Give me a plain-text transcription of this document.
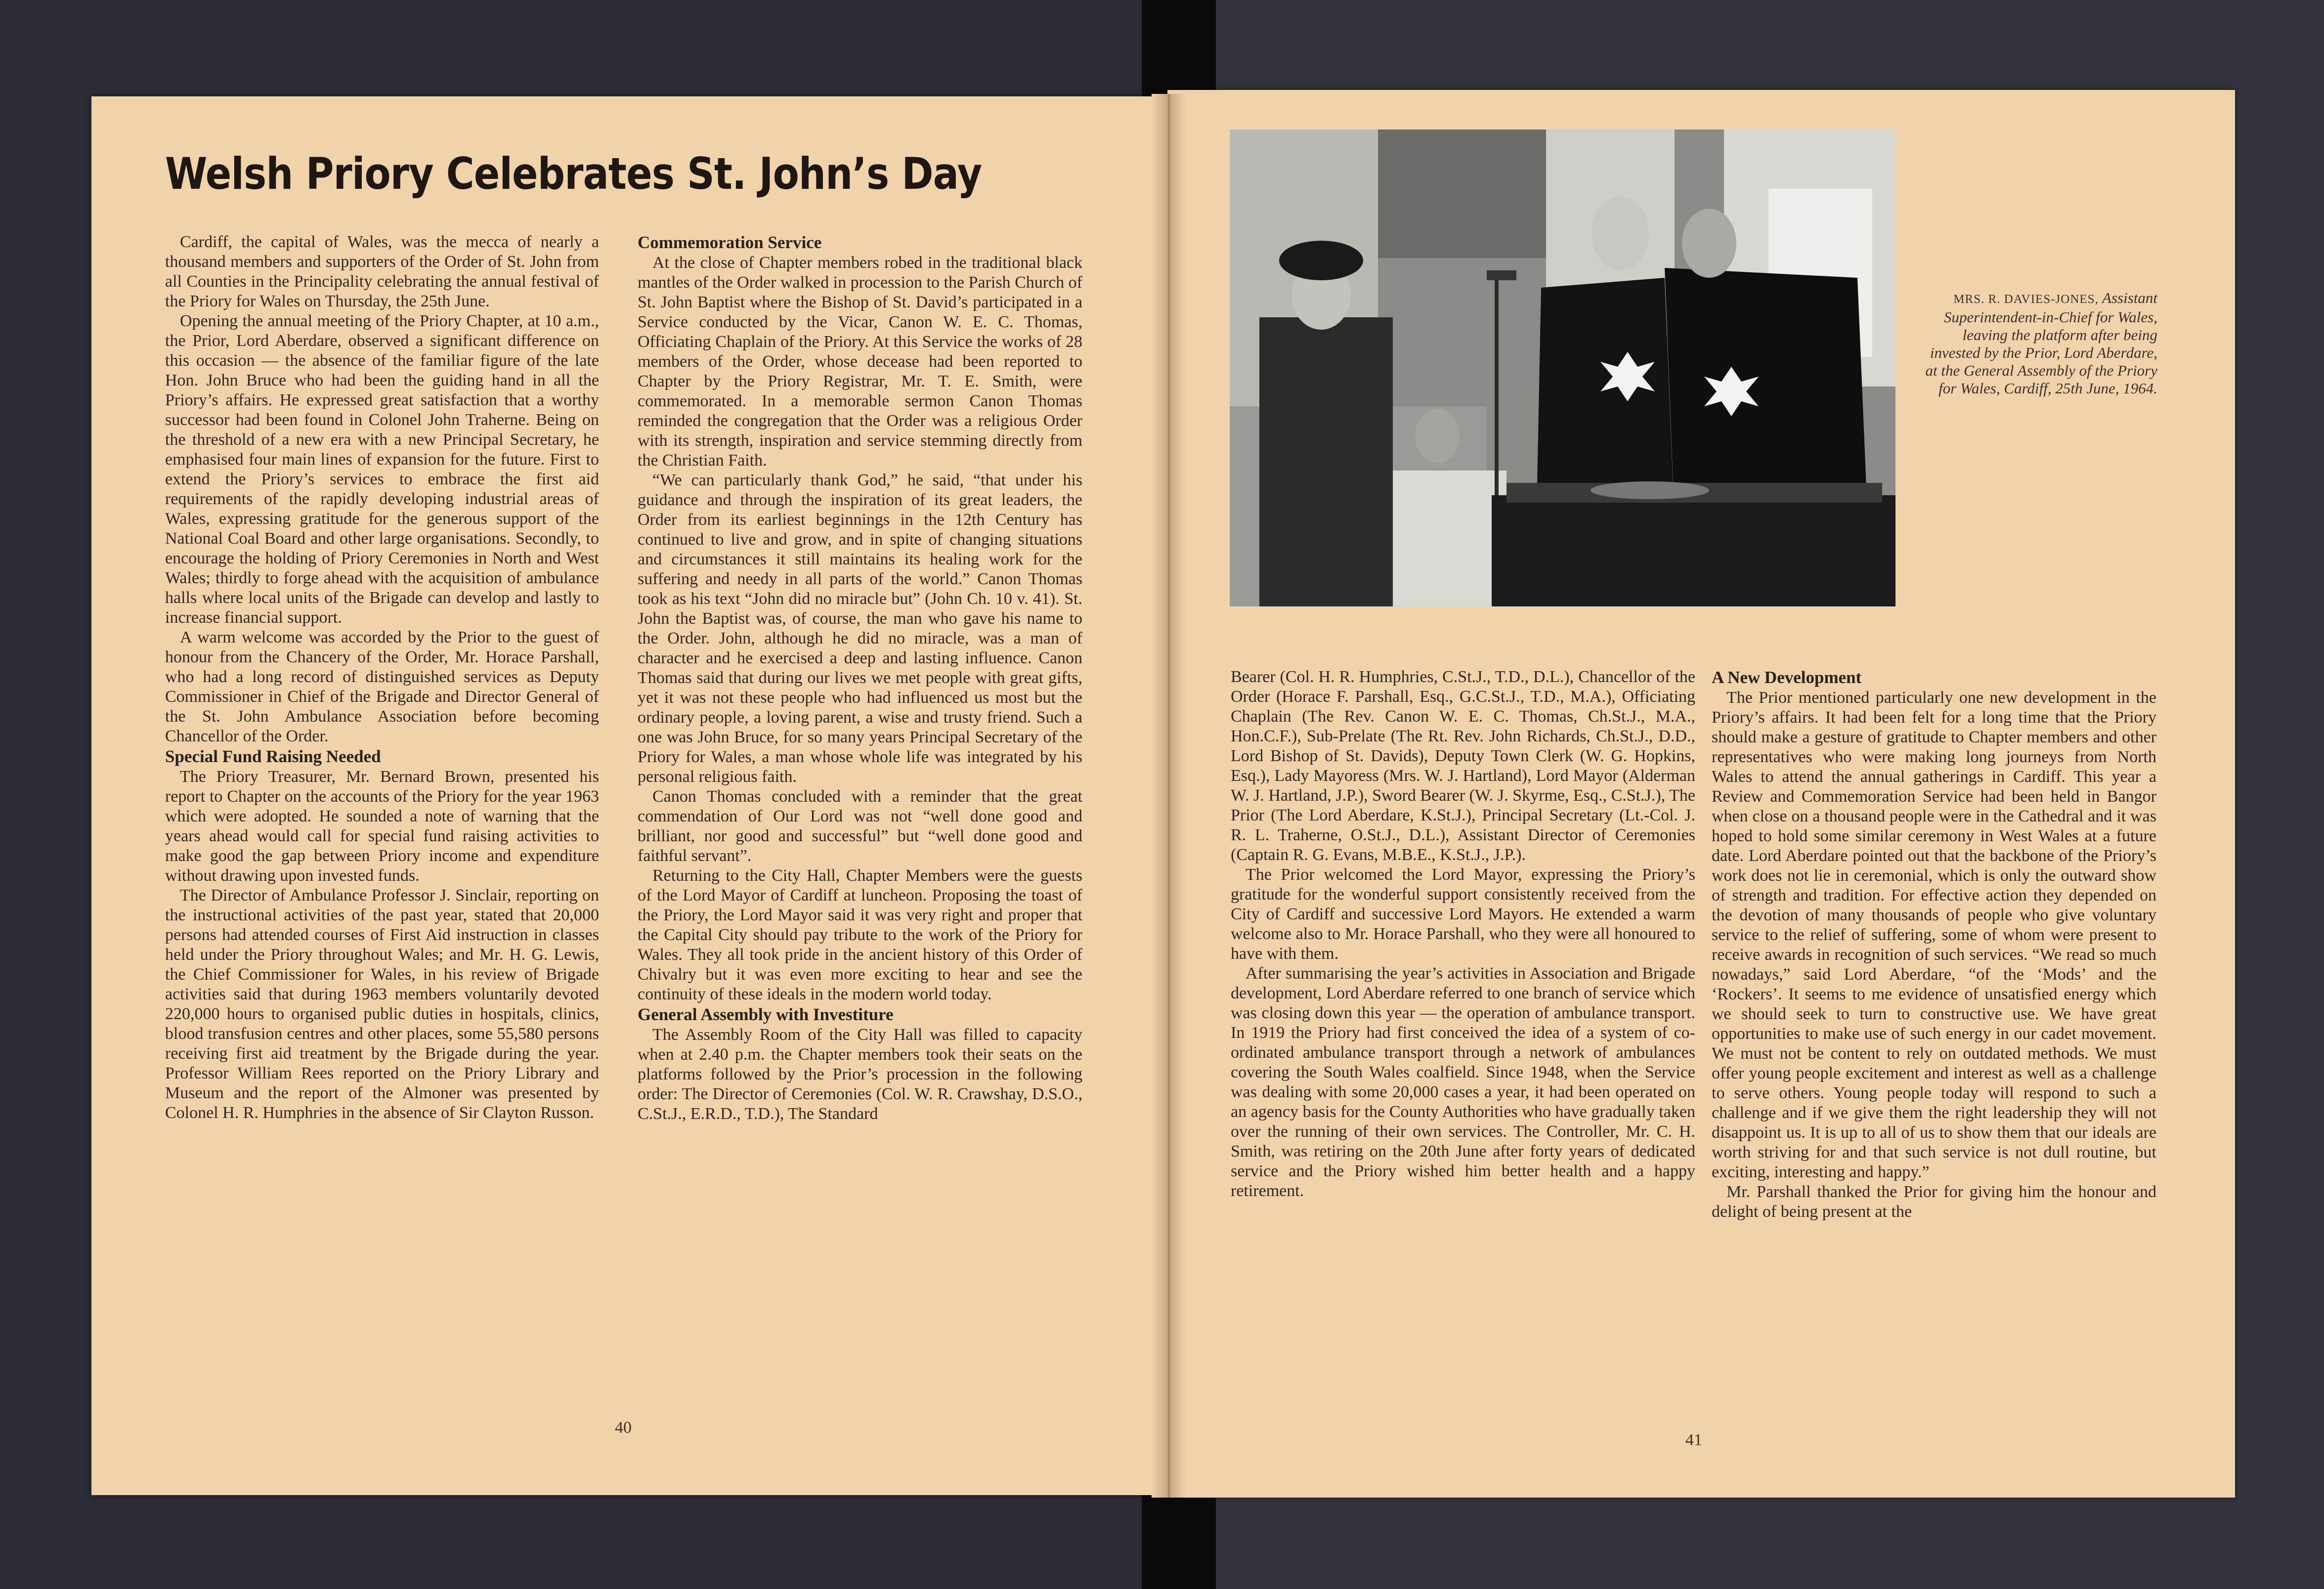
Welsh Priory Celebrates St. John’s Day

Cardiff, the capital of Wales, was the mecca of nearly a thousand members and supporters of the Order of St. John from all Counties in the Principality celebrating the annual festival of the Priory for Wales on Thursday, the 25th June.

Opening the annual meeting of the Priory Chapter, at 10 a.m., the Prior, Lord Aberdare, observed a significant difference on this occasion — the absence of the familiar figure of the late Hon. John Bruce who had been the guiding hand in all the Priory’s affairs. He expressed great satisfaction that a worthy successor had been found in Colonel John Traherne. Being on the threshold of a new era with a new Principal Secretary, he emphasised four main lines of expansion for the future. First to extend the Priory’s services to embrace the first aid requirements of the rapidly developing industrial areas of Wales, expressing gratitude for the generous support of the National Coal Board and other large organisations. Secondly, to encourage the holding of Priory Ceremonies in North and West Wales; thirdly to forge ahead with the acquisition of ambulance halls where local units of the Brigade can develop and lastly to increase financial support.

A warm welcome was accorded by the Prior to the guest of honour from the Chancery of the Order, Mr. Horace Parshall, who had a long record of distinguished services as Deputy Commissioner in Chief of the Brigade and Director General of the St. John Ambulance Association before becoming Chancellor of the Order.

Special Fund Raising Needed

The Priory Treasurer, Mr. Bernard Brown, presented his report to Chapter on the accounts of the Priory for the year 1963 which were adopted. He sounded a note of warning that the years ahead would call for special fund raising activities to make good the gap between Priory income and expenditure without drawing upon invested funds.

The Director of Ambulance Professor J. Sinclair, reporting on the instructional activities of the past year, stated that 20,000 persons had attended courses of First Aid instruction in classes held under the Priory throughout Wales; and Mr. H. G. Lewis, the Chief Commissioner for Wales, in his review of Brigade activities said that during 1963 members voluntarily devoted 220,000 hours to organised public duties in hospitals, clinics, blood transfusion centres and other places, some 55,580 persons receiving first aid treatment by the Brigade during the year. Professor William Rees reported on the Priory Library and Museum and the report of the Almoner was presented by Colonel H. R. Humphries in the absence of Sir Clayton Russon.

Commemoration Service

At the close of Chapter members robed in the traditional black mantles of the Order walked in procession to the Parish Church of St. John Baptist where the Bishop of St. David’s participated in a Service conducted by the Vicar, Canon W. E. C. Thomas, Officiating Chaplain of the Priory. At this Service the works of 28 members of the Order, whose decease had been reported to Chapter by the Priory Registrar, Mr. T. E. Smith, were commemorated. In a memorable sermon Canon Thomas reminded the congregation that the Order was a religious Order with its strength, inspiration and service stemming directly from the Christian Faith.

“We can particularly thank God,” he said, “that under his guidance and through the inspiration of its great leaders, the Order from its earliest beginnings in the 12th Century has continued to live and grow, and in spite of changing situations and circumstances it still maintains its healing work for the suffering and needy in all parts of the world.” Canon Thomas took as his text “John did no miracle but” (John Ch. 10 v. 41). St. John the Baptist was, of course, the man who gave his name to the Order. John, although he did no miracle, was a man of character and he exercised a deep and lasting influence. Canon Thomas said that during our lives we met people with great gifts, yet it was not these people who had influenced us most but the ordinary people, a loving parent, a wise and trusty friend. Such a one was John Bruce, for so many years Principal Secretary of the Priory for Wales, a man whose whole life was integrated by his personal religious faith.

Canon Thomas concluded with a reminder that the great commendation of Our Lord was not “well done good and brilliant, nor good and successful” but “well done good and faithful servant”.

Returning to the City Hall, Chapter Members were the guests of the Lord Mayor of Cardiff at luncheon. Proposing the toast of the Priory, the Lord Mayor said it was very right and proper that the Capital City should pay tribute to the work of the Priory for Wales. They all took pride in the ancient history of this Order of Chivalry but it was even more exciting to hear and see the continuity of these ideals in the modern world today.

General Assembly with Investiture

The Assembly Room of the City Hall was filled to capacity when at 2.40 p.m. the Chapter members took their seats on the platforms followed by the Prior’s procession in the following order: The Director of Ceremonies (Col. W. R. Crawshay, D.S.O., C.St.J., E.R.D., T.D.), The Standard

MRS. R. DAVIES-JONES, Assistant Superintendent-in-Chief for Wales, leaving the platform after being invested by the Prior, Lord Aberdare, at the General Assembly of the Priory for Wales, Cardiff, 25th June, 1964.

Bearer (Col. H. R. Humphries, C.St.J., T.D., D.L.), Chancellor of the Order (Horace F. Parshall, Esq., G.C.St.J., T.D., M.A.), Officiating Chaplain (The Rev. Canon W. E. C. Thomas, Ch.St.J., M.A., Hon.C.F.), Sub-Prelate (The Rt. Rev. John Richards, Ch.St.J., D.D., Lord Bishop of St. Davids), Deputy Town Clerk (W. G. Hopkins, Esq.), Lady Mayoress (Mrs. W. J. Hartland), Lord Mayor (Alderman W. J. Hartland, J.P.), Sword Bearer (W. J. Skyrme, Esq., C.St.J.), The Prior (The Lord Aberdare, K.St.J.), Principal Secretary (Lt.-Col. J. R. L. Traherne, O.St.J., D.L.), Assistant Director of Ceremonies (Captain R. G. Evans, M.B.E., K.St.J., J.P.).

The Prior welcomed the Lord Mayor, expressing the Priory’s gratitude for the wonderful support consistently received from the City of Cardiff and successive Lord Mayors. He extended a warm welcome also to Mr. Horace Parshall, who they were all honoured to have with them.

After summarising the year’s activities in Association and Brigade development, Lord Aberdare referred to one branch of service which was closing down this year — the operation of ambulance transport. In 1919 the Priory had first conceived the idea of a system of co-ordinated ambulance transport through a network of ambulances covering the South Wales coalfield. Since 1948, when the Service was dealing with some 20,000 cases a year, it had been operated on an agency basis for the County Authorities who have gradually taken over the running of their own services. The Controller, Mr. C. H. Smith, was retiring on the 20th June after forty years of dedicated service and the Priory wished him better health and a happy retirement.

A New Development

The Prior mentioned particularly one new development in the Priory’s affairs. It had been felt for a long time that the Priory should make a gesture of gratitude to Chapter members and other representatives who were making long journeys from North Wales to attend the annual gatherings in Cardiff. This year a Review and Commemoration Service had been held in Bangor when close on a thousand people were in the Cathedral and it was hoped to hold some similar ceremony in West Wales at a future date. Lord Aberdare pointed out that the backbone of the Priory’s work does not lie in ceremonial, which is only the outward show of strength and tradition. For effective action they depended on the devotion of many thousands of people who give voluntary service to the relief of suffering, some of whom were present to receive awards in recognition of such services. “We read so much nowadays,” said Lord Aberdare, “of the ‘Mods’ and the ‘Rockers’. It seems to me evidence of unsatisfied energy which we should seek to turn to constructive use. We have great opportunities to make use of such energy in our cadet movement. We must not be content to rely on outdated methods. We must offer young people excitement and interest as well as a challenge to serve others. Young people today will respond to such a challenge and if we give them the right leadership they will not disappoint us. It is up to all of us to show them that our ideals are worth striving for and that such service is not dull routine, but exciting, interesting and happy.”

Mr. Parshall thanked the Prior for giving him the honour and delight of being present at the

40
41
